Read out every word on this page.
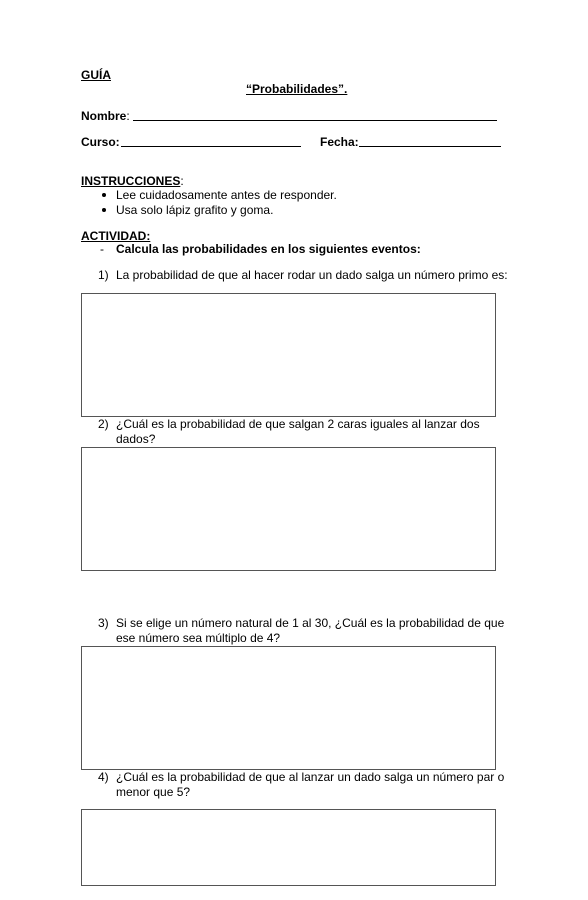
GUÍA
“Probabilidades”.
Nombre:
Curso:	Fecha:
INSTRUCCIONES:
Lee cuidadosamente antes de responder.
Usa solo lápiz grafito y goma.
ACTIVIDAD:
- Calcula las probabilidades en los siguientes eventos:
1) La probabilidad de que al hacer rodar un dado salga un número primo es:
2) ¿Cuál es la probabilidad de que salgan 2 caras iguales al lanzar dos
dados?
3) Si se elige un número natural de 1 al 30, ¿Cuál es la probabilidad de que
ese número sea múltiplo de 4?
4) ¿Cuál es la probabilidad de que al lanzar un dado salga un número par o
menor que 5?
